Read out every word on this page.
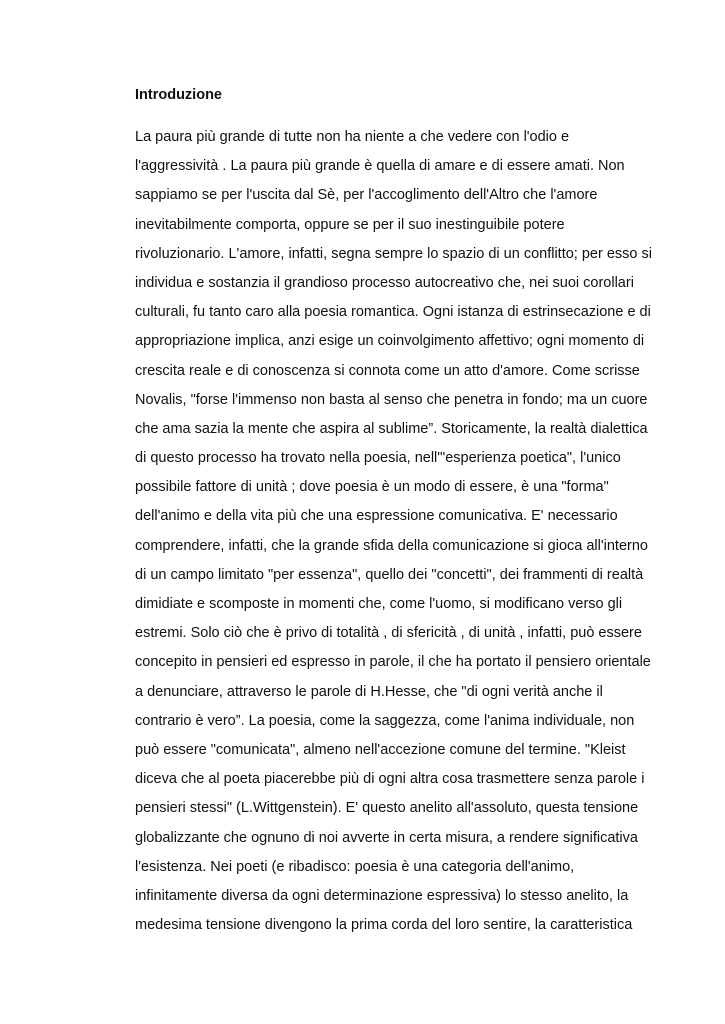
Introduzione
La paura più grande di tutte non ha niente a che vedere con l'odio e
l'aggressività . La paura più grande è quella di amare e di essere amati. Non
sappiamo se per l'uscita dal Sè, per l'accoglimento dell'Altro che l'amore
inevitabilmente comporta, oppure se per il suo inestinguibile potere
rivoluzionario. L'amore, infatti, segna sempre lo spazio di un conflitto; per esso si
individua e sostanzia il grandioso processo autocreativo che, nei suoi corollari
culturali, fu tanto caro alla poesia romantica. Ogni istanza di estrinsecazione e di
appropriazione implica, anzi esige un coinvolgimento affettivo; ogni momento di
crescita reale e di conoscenza si connota come un atto d'amore. Come scrisse
Novalis, "forse l'immenso non basta al senso che penetra in fondo; ma un cuore
che ama sazia la mente che aspira al sublime”. Storicamente, la realtà dialettica
di questo processo ha trovato nella poesia, nell'"esperienza poetica", l'unico
possibile fattore di unità ; dove poesia è un modo di essere, è una "forma"
dell'animo e della vita più che una espressione comunicativa. E' necessario
comprendere, infatti, che la grande sfida della comunicazione si gioca all'interno
di un campo limitato "per essenza", quello dei "concetti", dei frammenti di realtà
dimidiate e scomposte in momenti che, come l'uomo, si modificano verso gli
estremi. Solo ciò che è privo di totalità , di sfericità , di unità , infatti, può essere
concepito in pensieri ed espresso in parole, il che ha portato il pensiero orientale
a denunciare, attraverso le parole di H.Hesse, che "di ogni verità anche il
contrario è vero”. La poesia, come la saggezza, come l'anima individuale, non
può essere "comunicata", almeno nell'accezione comune del termine. "Kleist
diceva che al poeta piacerebbe più di ogni altra cosa trasmettere senza parole i
pensieri stessi" (L.Wittgenstein). E' questo anelito all'assoluto, questa tensione
globalizzante che ognuno di noi avverte in certa misura, a rendere significativa
l'esistenza. Nei poeti (e ribadisco: poesia è una categoria dell'animo,
infinitamente diversa da ogni determinazione espressiva) lo stesso anelito, la
medesima tensione divengono la prima corda del loro sentire, la caratteristica
